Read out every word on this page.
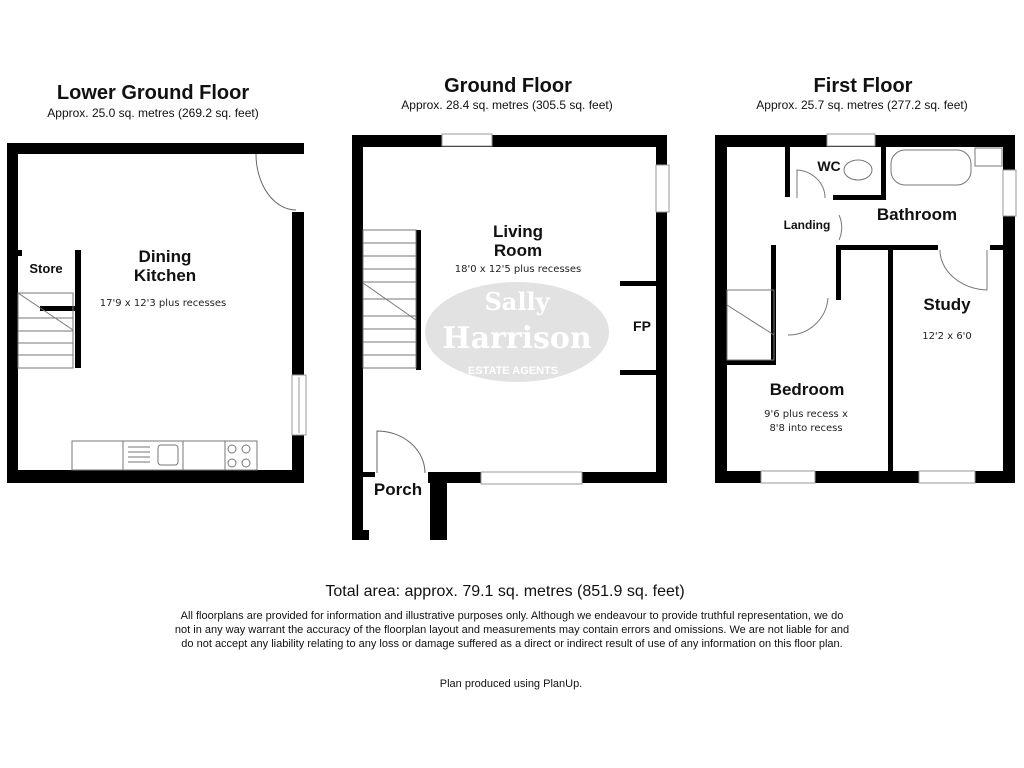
Sally
Harrison
ESTATE AGENTS
Lower Ground Floor
Approx. 25.0 sq. metres (269.2 sq. feet)
Ground Floor
Approx. 28.4 sq. metres (305.5 sq. feet)
First Floor
Approx. 25.7 sq. metres (277.2 sq. feet)
Dining Kitchen
17'9 x 12'3 plus recesses
Store
Living Room
18'0 x 12'5 plus recesses
FP
Porch
WC
Bathroom
Landing
Study
12'2 x 6'0
Bedroom
9'6 plus recess x
8'8 into recess
Total area: approx. 79.1 sq. metres (851.9 sq. feet)
All floorplans are provided for information and illustrative purposes only. Although we endeavour to provide truthful representation, we do
not in any way warrant the accuracy of the floorplan layout and measurements may contain errors and omissions. We are not liable for and
do not accept any liability relating to any loss or damage suffered as a direct or indirect result of use of any information on this floor plan.
Plan produced using PlanUp.
